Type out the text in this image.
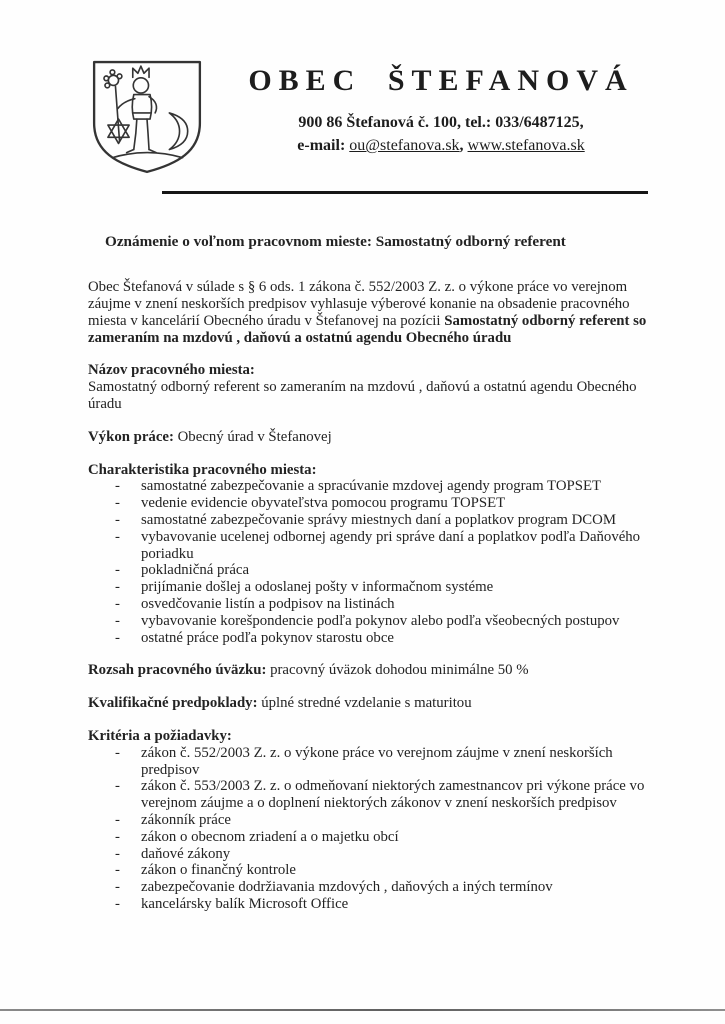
OBEC ŠTEFANOVÁ
900 86 Štefanová č. 100, tel.: 033/6487125,
e-mail: ou@stefanova.sk, www.stefanova.sk

Oznámenie o voľnom pracovnom mieste: Samostatný odborný referent

Obec Štefanová v súlade s § 6 ods. 1 zákona č. 552/2003 Z. z. o výkone práce vo verejnom záujme v znení neskorších predpisov vyhlasuje výberové konanie na obsadenie pracovného miesta v kancelárií Obecného úradu v Štefanovej na pozícii Samostatný odborný referent so zameraním na mzdovú , daňovú a ostatnú agendu Obecného úradu

Názov pracovného miesta:

Samostatný odborný referent so zameraním na mzdovú , daňovú a ostatnú agendu Obecného úradu

Výkon práce: Obecný úrad v Štefanovej

Charakteristika pracovného miesta:

-	samostatné zabezpečovanie a spracúvanie mzdovej agendy program TOPSET
-	vedenie evidencie obyvateľstva pomocou programu TOPSET
-	samostatné zabezpečovanie správy miestnych daní a poplatkov program DCOM
-	vybavovanie ucelenej odbornej agendy pri správe daní a poplatkov podľa Daňového poriadku
-	pokladničná práca
-	prijímanie došlej a odoslanej pošty v informačnom systéme
-	osvedčovanie listín a podpisov na listinách
-	vybavovanie korešpondencie podľa pokynov alebo podľa všeobecných postupov
-	ostatné práce podľa pokynov starostu obce

Rozsah pracovného úväzku: pracovný úväzok dohodou minimálne 50 %

Kvalifikačné predpoklady: úplné stredné vzdelanie s maturitou

Kritéria a požiadavky:

-	zákon č. 552/2003 Z. z. o výkone práce vo verejnom záujme v znení neskorších predpisov
-	zákon č. 553/2003 Z. z. o odmeňovaní niektorých zamestnancov pri výkone práce vo verejnom záujme a o doplnení niektorých zákonov v znení neskorších predpisov
-	zákonník práce
-	zákon o obecnom zriadení a o majetku obcí
-	daňové zákony
-	zákon o finančný kontrole
-	zabezpečovanie dodržiavania mzdových , daňových a iných termínov
-	kancelársky balík Microsoft Office
